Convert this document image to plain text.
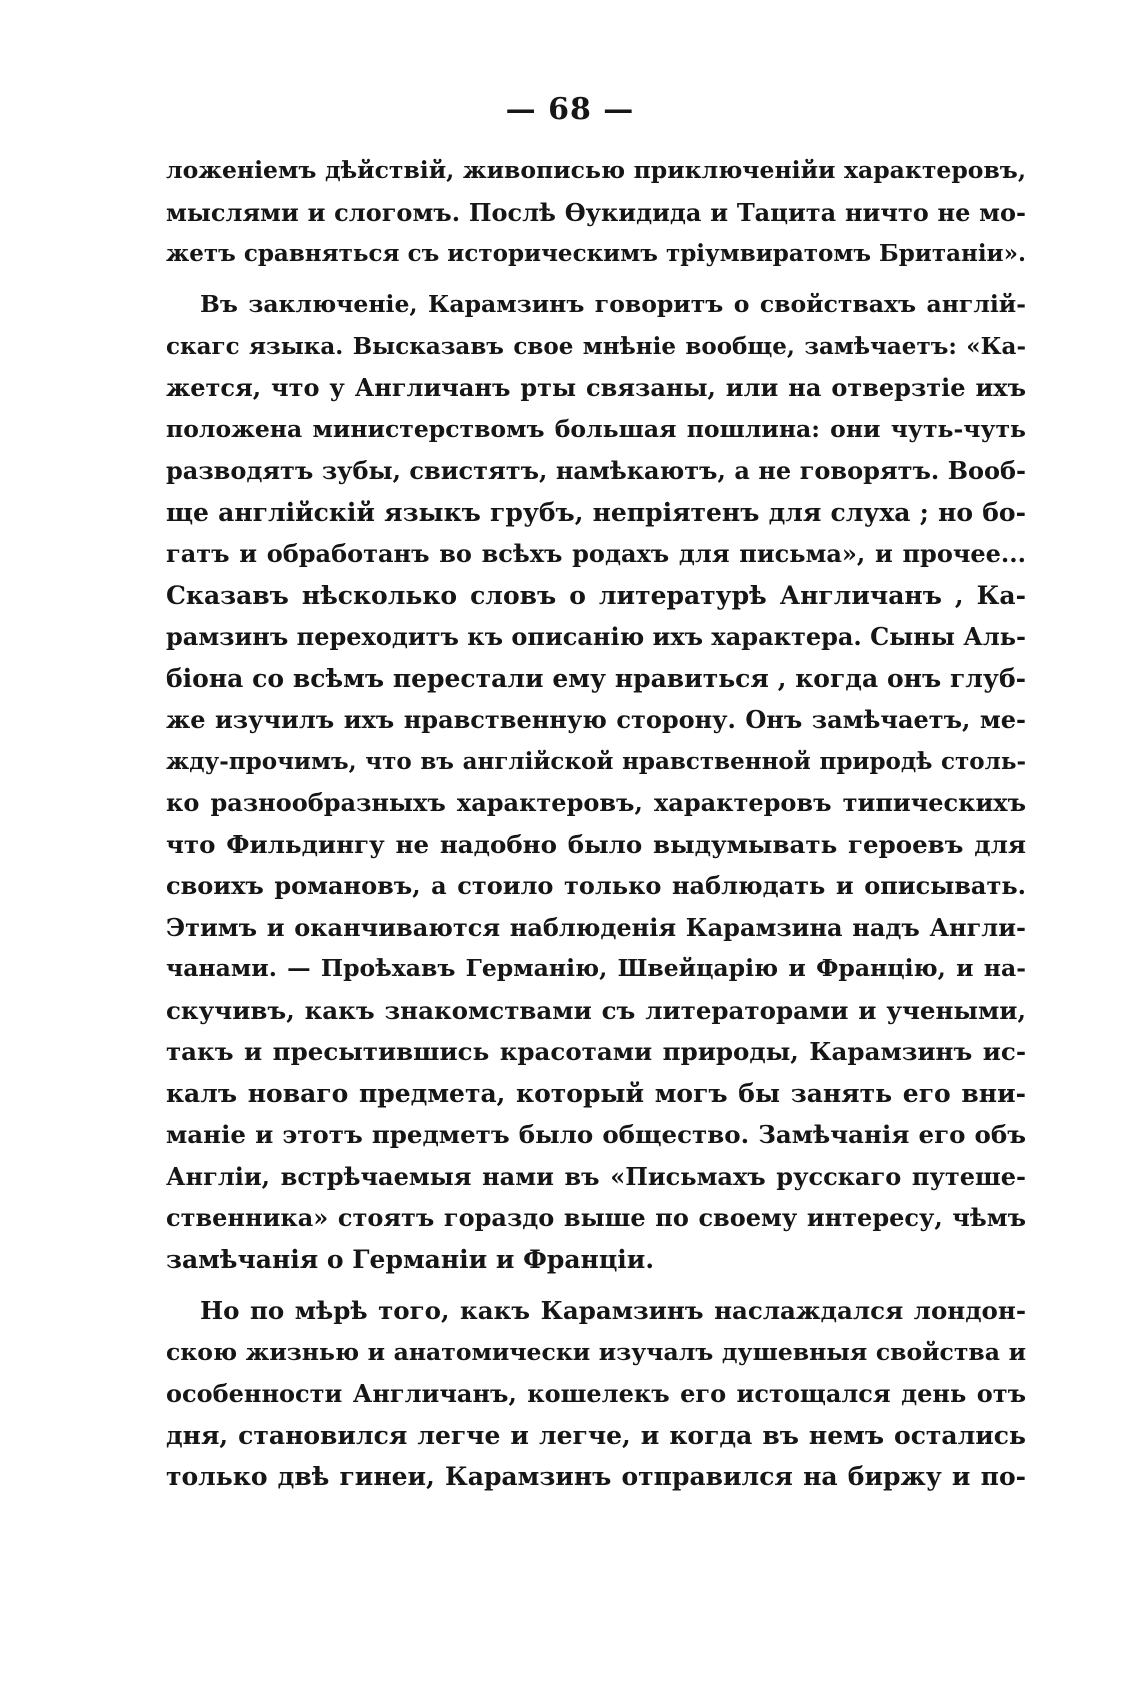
— 68 —
ложеніемъ дѣйствій, живописью приключенійи характеровъ,
мыслями и слогомъ. Послѣ Ѳукидида и Тацита ничто не мо-
жетъ сравняться съ историческимъ тріумвиратомъ Британіи».
Въ заключеніе, Карамзинъ говоритъ о свойствахъ англій-
скагс языка. Высказавъ свое мнѣніе вообще, замѣчаетъ: «Ка-
жется, что у Англичанъ рты связаны, или на отверзтіе ихъ
положена министерствомъ большая пошлина: они чуть-чуть
разводятъ зубы, свистятъ, намѣкаютъ, а не говорятъ. Вооб-
ще англійскій языкъ грубъ, непріятенъ для слуха ; но бо-
гатъ и обработанъ во всѣхъ родахъ для письма», и прочее...
Сказавъ нѣсколько словъ о литературѣ Англичанъ , Ка-
рамзинъ переходитъ къ описанію ихъ характера. Сыны Аль-
біона со всѣмъ перестали ему нравиться , когда онъ глуб-
же изучилъ ихъ нравственную сторону. Онъ замѣчаетъ, ме-
жду-прочимъ, что въ англійской нравственной природѣ столь-
ко разнообразныхъ характеровъ, характеровъ типическихъ
что Фильдингу не надобно было выдумывать героевъ для
своихъ романовъ, а стоило только наблюдать и описывать.
Этимъ и оканчиваются наблюденія Карамзина надъ Англи-
чанами. — Проѣхавъ Германію, Швейцарію и Францію, и на-
скучивъ, какъ знакомствами съ литераторами и учеными,
такъ и пресытившись красотами природы, Карамзинъ ис-
калъ новаго предмета, который могъ бы занять его вни-
маніе и этотъ предметъ было общество. Замѣчанія его объ
Англіи, встрѣчаемыя нами въ «Письмахъ русскаго путеше-
ственника» стоятъ гораздо выше по своему интересу, чѣмъ
замѣчанія о Германіи и Франціи.
Но по мѣрѣ того, какъ Карамзинъ наслаждался лондон-
скою жизнью и анатомически изучалъ душевныя свойства и
особенности Англичанъ, кошелекъ его истощался день отъ
дня, становился легче и легче, и когда въ немъ остались
только двѣ гинеи, Карамзинъ отправился на биржу и по-
